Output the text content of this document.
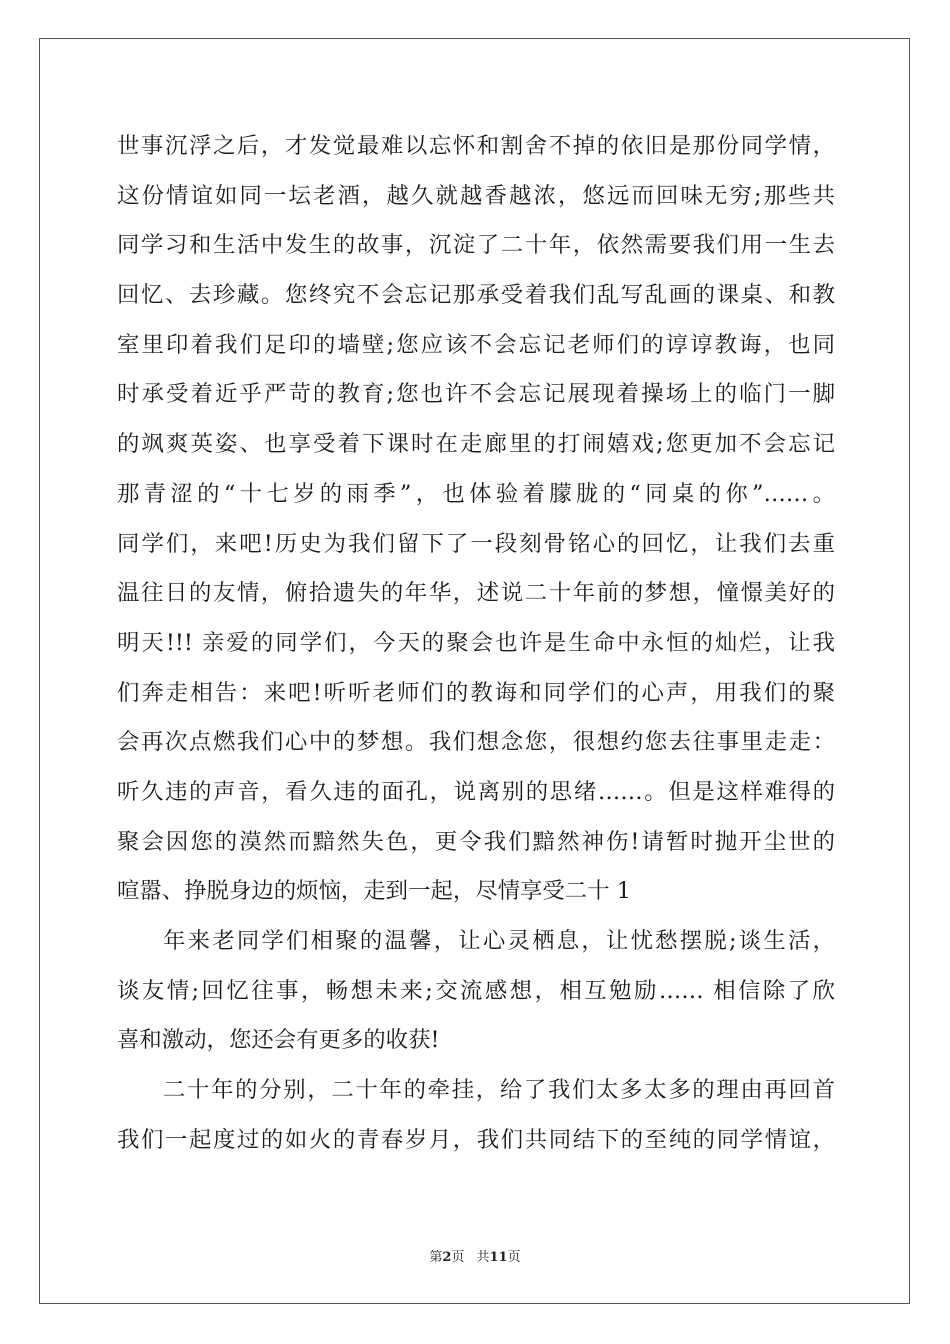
世事沉浮之后，才发觉最难以忘怀和割舍不掉的依旧是那份同学情，
这份情谊如同一坛老酒，越久就越香越浓，悠远而回味无穷;那些共
同学习和生活中发生的故事，沉淀了二十年，依然需要我们用一生去
回忆、去珍藏。您终究不会忘记那承受着我们乱写乱画的课桌、和教
室里印着我们足印的墙壁;您应该不会忘记老师们的谆谆教诲，也同
时承受着近乎严苛的教育;您也许不会忘记展现着操场上的临门一脚
的飒爽英姿、也享受着下课时在走廊里的打闹嬉戏;您更加不会忘记
那青涩的“十七岁的雨季”，也体验着朦胧的“同桌的你”……。
同学们，来吧!历史为我们留下了一段刻骨铭心的回忆，让我们去重
温往日的友情，俯拾遗失的年华，述说二十年前的梦想，憧憬美好的
明天!!! 亲爱的同学们，今天的聚会也许是生命中永恒的灿烂，让我
们奔走相告：来吧!听听老师们的教诲和同学们的心声，用我们的聚
会再次点燃我们心中的梦想。我们想念您，很想约您去往事里走走：
听久违的声音，看久违的面孔，说离别的思绪……。但是这样难得的
聚会因您的漠然而黯然失色，更令我们黯然神伤!请暂时抛开尘世的
喧嚣、挣脱身边的烦恼，走到一起，尽情享受二十 1
年来老同学们相聚的温馨，让心灵栖息，让忧愁摆脱;谈生活，
谈友情;回忆往事，畅想未来;交流感想，相互勉励…… 相信除了欣
喜和激动，您还会有更多的收获!
二十年的分别，二十年的牵挂，给了我们太多太多的理由再回首
我们一起度过的如火的青春岁月，我们共同结下的至纯的同学情谊，
第2页 共11页
